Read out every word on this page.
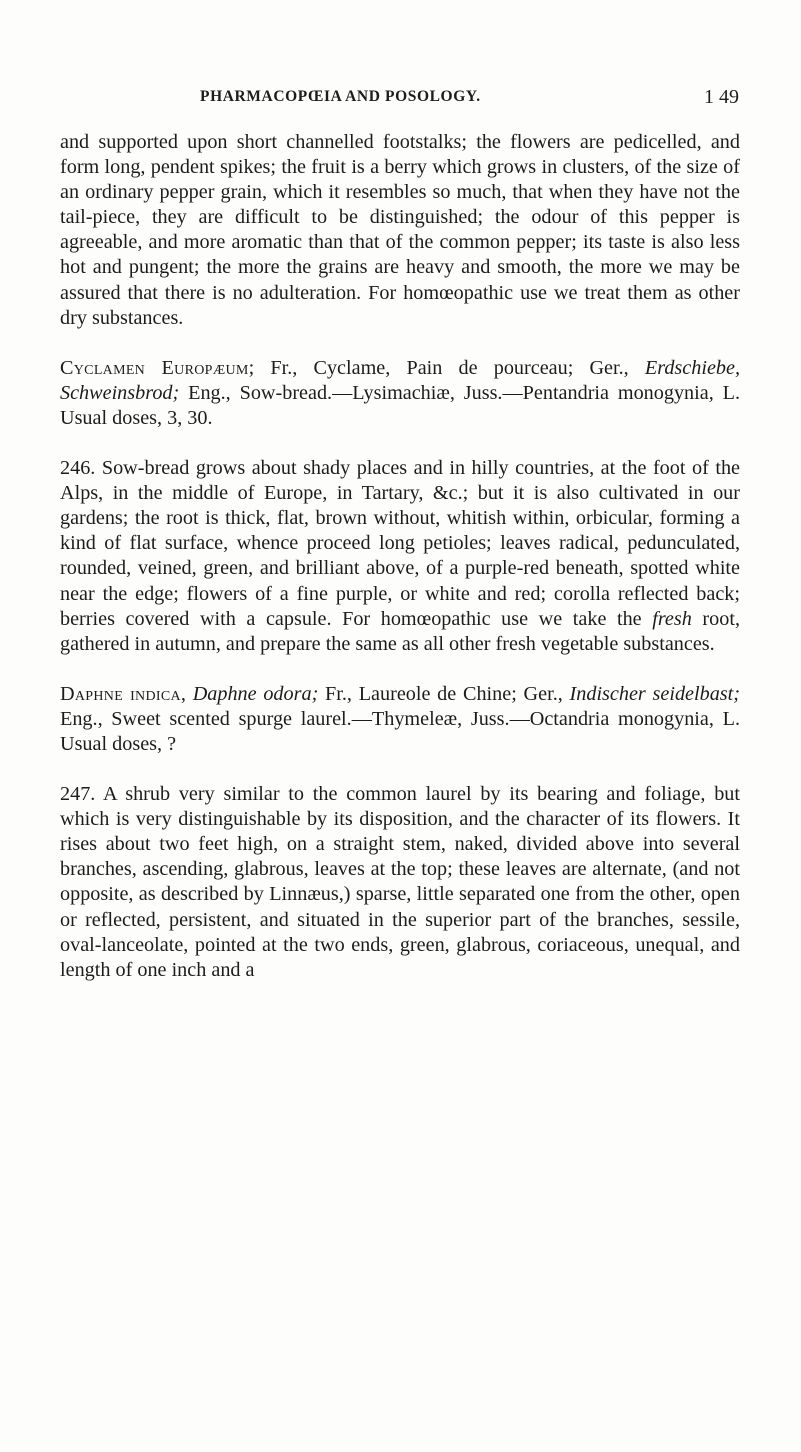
PHARMACOPŒIA AND POSOLOGY.	1 49

and supported upon short channelled footstalks; the flowers are pedicelled, and form long, pendent spikes; the fruit is a berry which grows in clusters, of the size of an ordinary pepper grain, which it resembles so much, that when they have not the tail-piece, they are difficult to be distinguished; the odour of this pepper is agreeable, and more aromatic than that of the common pepper; its taste is also less hot and pungent; the more the grains are heavy and smooth, the more we may be assured that there is no adulteration. For homœopathic use we treat them as other dry substances.

Cyclamen Europæum; Fr., Cyclame, Pain de pourceau; Ger., Erdschiebe, Schweinsbrod; Eng., Sow-bread.—Lysimachiæ, Juss.—Pentandria monogynia, L. Usual doses, 3, 30.

246. Sow-bread grows about shady places and in hilly countries, at the foot of the Alps, in the middle of Europe, in Tartary, &c.; but it is also cultivated in our gardens; the root is thick, flat, brown without, whitish within, orbicular, forming a kind of flat surface, whence proceed long petioles; leaves radical, pedunculated, rounded, veined, green, and brilliant above, of a purple-red beneath, spotted white near the edge; flowers of a fine purple, or white and red; corolla reflected back; berries covered with a capsule. For homœopathic use we take the fresh root, gathered in autumn, and prepare the same as all other fresh vegetable substances.

Daphne indica, Daphne odora; Fr., Laureole de Chine; Ger., Indischer seidelbast; Eng., Sweet scented spurge laurel.—Thymeleæ, Juss.—Octandria monogynia, L. Usual doses, ?

247. A shrub very similar to the common laurel by its bearing and foliage, but which is very distinguishable by its disposition, and the character of its flowers. It rises about two feet high, on a straight stem, naked, divided above into several branches, ascending, glabrous, leaves at the top; these leaves are alternate, (and not opposite, as described by Linnæus,) sparse, little separated one from the other, open or reflected, persistent, and situated in the superior part of the branches, sessile, oval-lanceolate, pointed at the two ends, green, glabrous, coriaceous, unequal, and length of one inch and a
